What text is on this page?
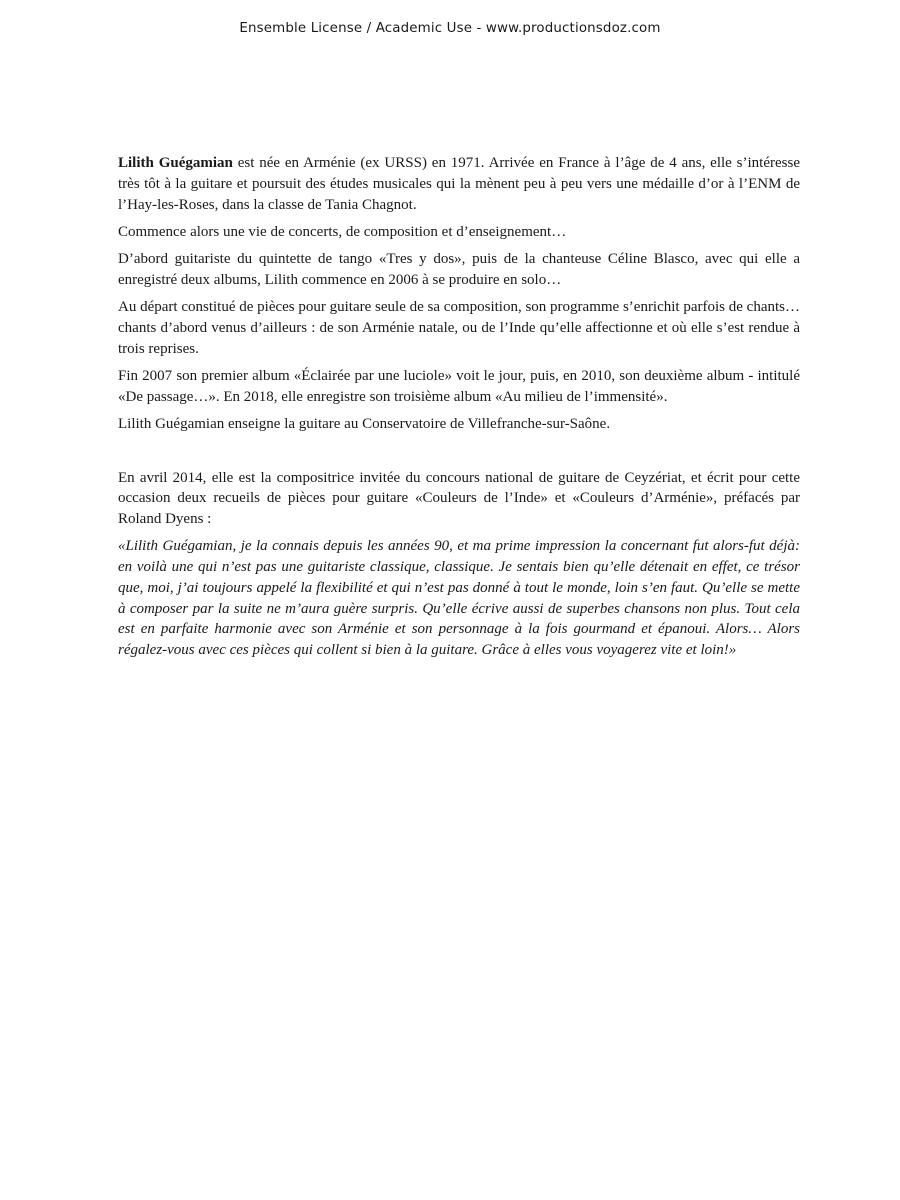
Ensemble License / Academic Use - www.productionsdoz.com

Lilith Guégamian est née en Arménie (ex URSS) en 1971. Arrivée en France à l’âge de 4 ans, elle s’intéresse très tôt à la guitare et poursuit des études musicales qui la mènent peu à peu vers une médaille d’or à l’ENM de l’Hay-les-Roses, dans la classe de Tania Chagnot.

Commence alors une vie de concerts, de composition et d’enseignement…

D’abord guitariste du quintette de tango «Tres y dos», puis de la chanteuse Céline Blasco, avec qui elle a enregistré deux albums, Lilith commence en 2006 à se produire en solo…

Au départ constitué de pièces pour guitare seule de sa composition, son programme s’enrichit parfois de chants… chants d’abord venus d’ailleurs : de son Arménie natale, ou de l’Inde qu’elle affectionne et où elle s’est rendue à trois reprises.

Fin 2007 son premier album «Éclairée par une luciole» voit le jour, puis, en 2010, son deuxième album - intitulé «De passage…». En 2018, elle enregistre son troisième album «Au milieu de l’immensité».

Lilith Guégamian enseigne la guitare au Conservatoire de Villefranche-sur-Saône.

En avril 2014, elle est la compositrice invitée du concours national de guitare de Ceyzériat, et écrit pour cette occasion deux recueils de pièces pour guitare «Couleurs de l’Inde» et «Couleurs d’Arménie», préfacés par Roland Dyens :

«Lilith Guégamian, je la connais depuis les années 90, et ma prime impression la concernant fut alors-fut déjà: en voilà une qui n’est pas une guitariste classique, classique. Je sentais bien qu’elle détenait en effet, ce trésor que, moi, j’ai toujours appelé la flexibilité et qui n’est pas donné à tout le monde, loin s’en faut. Qu’elle se mette à composer par la suite ne m’aura guère surpris. Qu’elle écrive aussi de superbes chansons non plus. Tout cela est en parfaite harmonie avec son Arménie et son personnage à la fois gourmand et épanoui. Alors… Alors régalez-vous avec ces pièces qui collent si bien à la guitare. Grâce à elles vous voyagerez vite et loin!»
